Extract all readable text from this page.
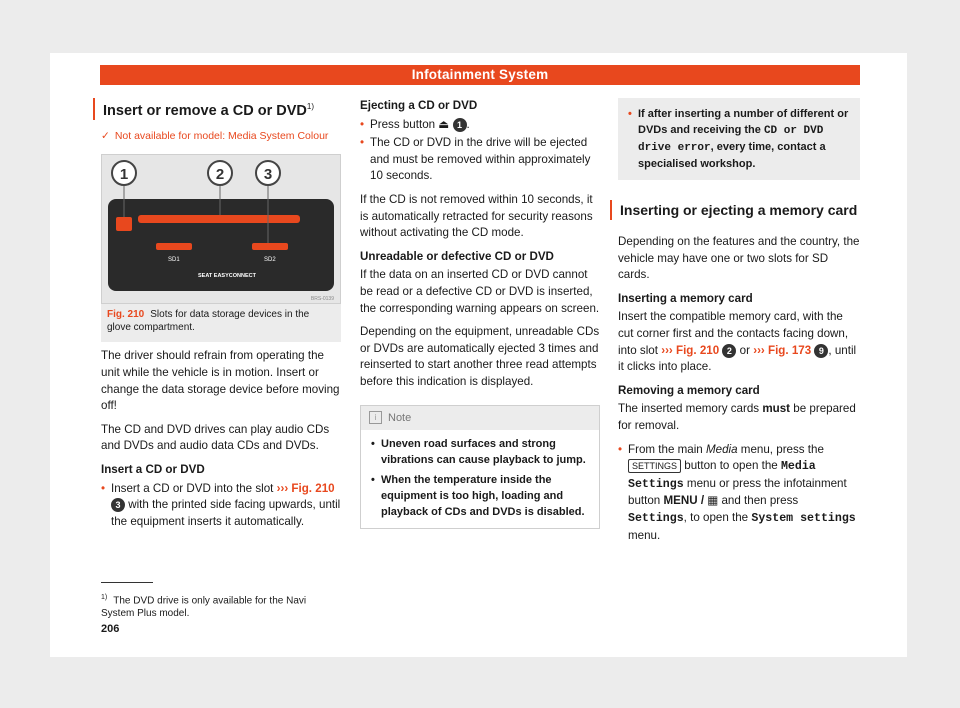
Infotainment System
Insert or remove a CD or DVD$^{1)}$
✓ Not available for model: Media System Colour
SD1	SD2
SEAT EASYCONNECT
1	2	3
BRS-0139
Fig. 210 Slots for data storage devices in the glove compartment.

The driver should refrain from operating the unit while the vehicle is in motion. Insert or change the data storage device before moving off!

The CD and DVD drives can play audio CDs and DVDs and audio data CDs and DVDs.

Insert a CD or DVD

• Insert a CD or DVD into the slot ››› Fig. 210 3 with the printed side facing upwards, until the equipment inserts it automatically.

Ejecting a CD or DVD

• Press button ⏏ 1 .

• The CD or DVD in the drive will be ejected and must be removed within approximately 10 seconds.

If the CD is not removed within 10 seconds, it is automatically retracted for security reasons without activating the CD mode.

Unreadable or defective CD or DVD

If the data on an inserted CD or DVD cannot be read or a defective CD or DVD is inserted, the corresponding warning appears on screen.

Depending on the equipment, unreadable CDs or DVDs are automatically ejected 3 times and reinserted to start another three read attempts before this indication is displayed.

i	Note
• Uneven road surfaces and strong vibrations can cause playback to jump.
• When the temperature inside the equipment is too high, loading and playback of CDs and DVDs is disabled.
• If after inserting a number of different or DVDs and receiving the CD or DVD drive error, every time, contact a specialised workshop.
Inserting or ejecting a memory card

Depending on the features and the country, the vehicle may have one or two slots for SD cards.

Inserting a memory card

Insert the compatible memory card, with the cut corner first and the contacts facing down, into slot ››› Fig. 210 2 or ››› Fig. 173 9 , until it clicks into place.

Removing a memory card

The inserted memory cards must be prepared for removal.

• From the main Media menu, press the SETTINGS button to open the Media Settings menu or press the infotainment button MENU / ▦ and then press Settings, to open the System settings menu.

$^{1)}$ The DVD drive is only available for the Navi System Plus model.
206
